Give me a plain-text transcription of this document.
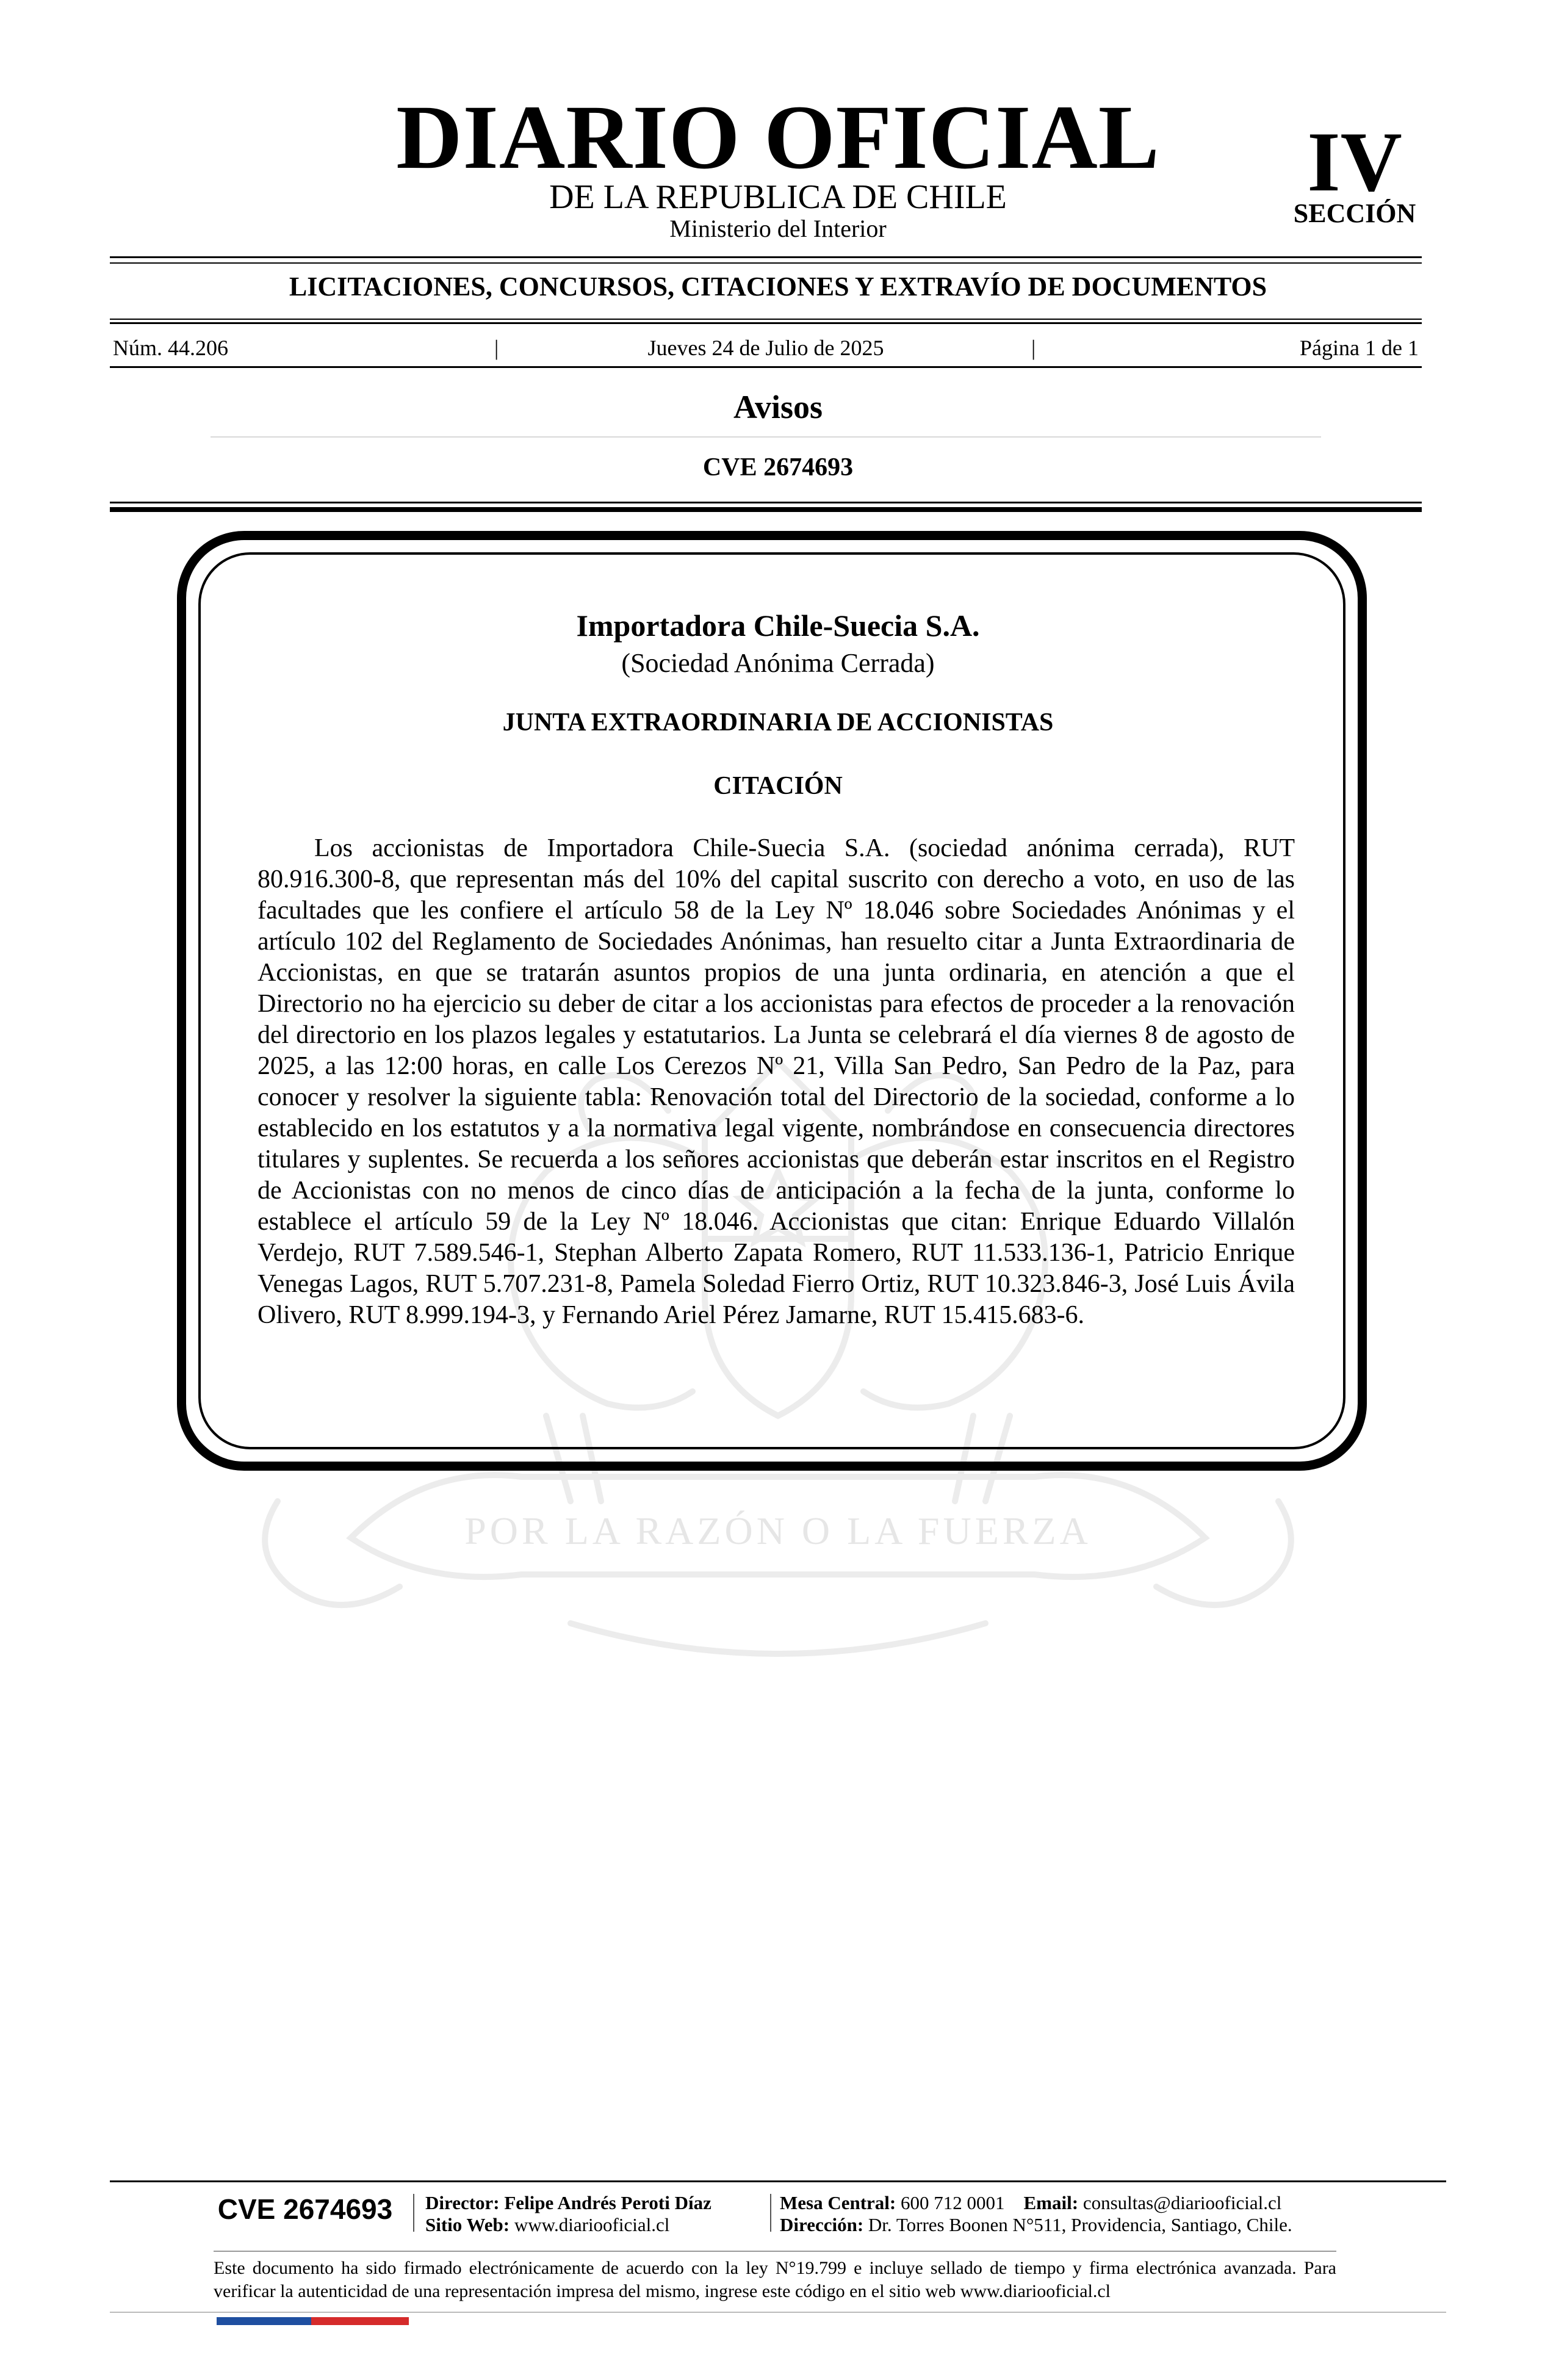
DIARIO OFICIAL
DE LA REPUBLICA DE CHILE
Ministerio del Interior
IV
SECCIÓN
LICITACIONES, CONCURSOS, CITACIONES Y EXTRAVÍO DE DOCUMENTOS
Núm. 44.206	Jueves 24 de Julio de 2025
|	|	Página 1 de 1
Avisos
CVE 2674693
POR LA RAZÓN O LA FUERZA
Importadora Chile-Suecia S.A.
(Sociedad Anónima Cerrada)
JUNTA EXTRAORDINARIA DE ACCIONISTAS
CITACIÓN
Los accionistas de Importadora Chile-Suecia S.A. (sociedad anónima cerrada), RUT 80.916.300-8, que representan más del 10% del capital suscrito con derecho a voto, en uso de las facultades que les confiere el artículo 58 de la Ley Nº 18.046 sobre Sociedades Anónimas y el artículo 102 del Reglamento de Sociedades Anónimas, han resuelto citar a Junta Extraordinaria de Accionistas, en que se tratarán asuntos propios de una junta ordinaria, en atención a que el Directorio no ha ejercicio su deber de citar a los accionistas para efectos de proceder a la renovación del directorio en los plazos legales y estatutarios. La Junta se celebrará el día viernes 8 de agosto de 2025, a las 12:00 horas, en calle Los Cerezos Nº 21, Villa San Pedro, San Pedro de la Paz, para conocer y resolver la siguiente tabla: Renovación total del Directorio de la sociedad, conforme a lo establecido en los estatutos y a la normativa legal vigente, nombrándose en consecuencia directores titulares y suplentes. Se recuerda a los señores accionistas que deberán estar inscritos en el Registro de Accionistas con no menos de cinco días de anticipación a la fecha de la junta, conforme lo establece el artículo 59 de la Ley Nº 18.046. Accionistas que citan: Enrique Eduardo Villalón Verdejo, RUT 7.589.546-1, Stephan Alberto Zapata Romero, RUT 11.533.136-1, Patricio Enrique Venegas Lagos, RUT 5.707.231-8, Pamela Soledad Fierro Ortiz, RUT 10.323.846-3, José Luis Ávila Olivero, RUT 8.999.194-3, y Fernando Ariel Pérez Jamarne, RUT 15.415.683-6.
CVE 2674693	Director: Felipe Andrés Peroti Díaz
Sitio Web: www.diariooficial.cl
Mesa Central: 600 712 0001 Email: consultas@diariooficial.cl
Dirección: Dr. Torres Boonen N°511, Providencia, Santiago, Chile.
Este documento ha sido firmado electrónicamente de acuerdo con la ley N°19.799 e incluye sellado de tiempo y firma electrónica avanzada. Para verificar la autenticidad de una representación impresa del mismo, ingrese este código en el sitio web www.diariooficial.cl
